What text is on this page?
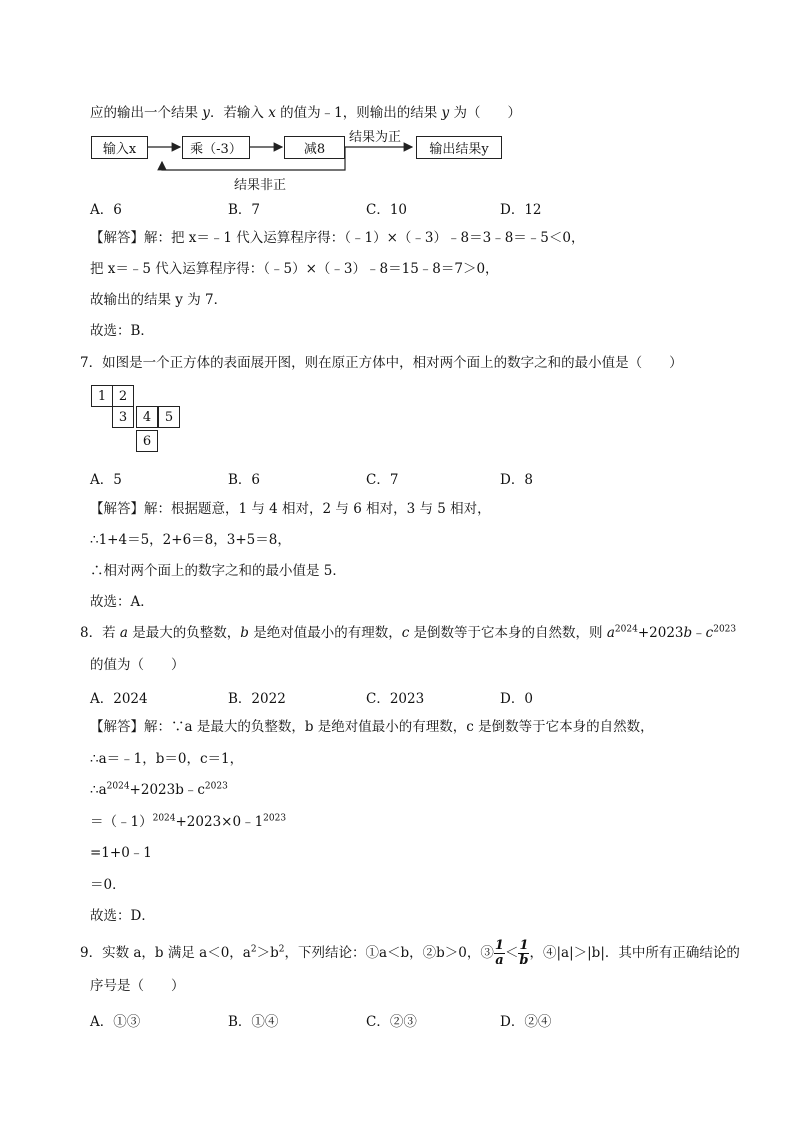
应的输出一个结果 y．若输入 x 的值为﹣1，则输出的结果 y 为（　　）
输入x	乘（-3）	减8	输出结果y
结果为正
结果非正
A．6	B．7	C．10	D．12
【解答】解：把 x＝﹣1 代入运算程序得：（﹣1）×（﹣3）﹣8＝3﹣8＝﹣5＜0，
把 x＝﹣5 代入运算程序得：（﹣5）×（﹣3）﹣8＝15﹣8＝7＞0，
故输出的结果 y 为 7．
故选：B．
7．如图是一个正方体的表面展开图，则在原正方体中，相对两个面上的数字之和的最小值是（　　）
1 2
3	4	5
6
A．5	B．6	C．7	D．8
【解答】解：根据题意，1 与 4 相对，2 与 6 相对，3 与 5 相对，
∴1+4＝5，2+6＝8，3+5＝8，
∴相对两个面上的数字之和的最小值是 5．
故选：A．
8．若 a 是最大的负整数，b 是绝对值最小的有理数，c 是倒数等于它本身的自然数，则 $a^{2024}+2023b﹣c^{2023}$
的值为（　　）
A．2024	B．2022	C．2023	D．0
【解答】解：∵a 是最大的负整数，b 是绝对值最小的有理数，c 是倒数等于它本身的自然数，
∴a＝﹣1，b＝0，c＝1，
$\therefore a^{2024}+2023b﹣c^{2023}$
$=(﹣1)^{2024}+2023\times 0﹣1^{2023}$
=1+0﹣1
＝0．
故选：D．
9．实数 a，b 满足 a＜0，$a^2>b^2$，下列结论：①a＜b，②b＞0，③ $\frac{1}{a} < \frac{1}{b}$ ，④|a|＞|b|．其中所有正确结论的
序号是（　　）
A．①③	B．①④	C．②③	D．②④
